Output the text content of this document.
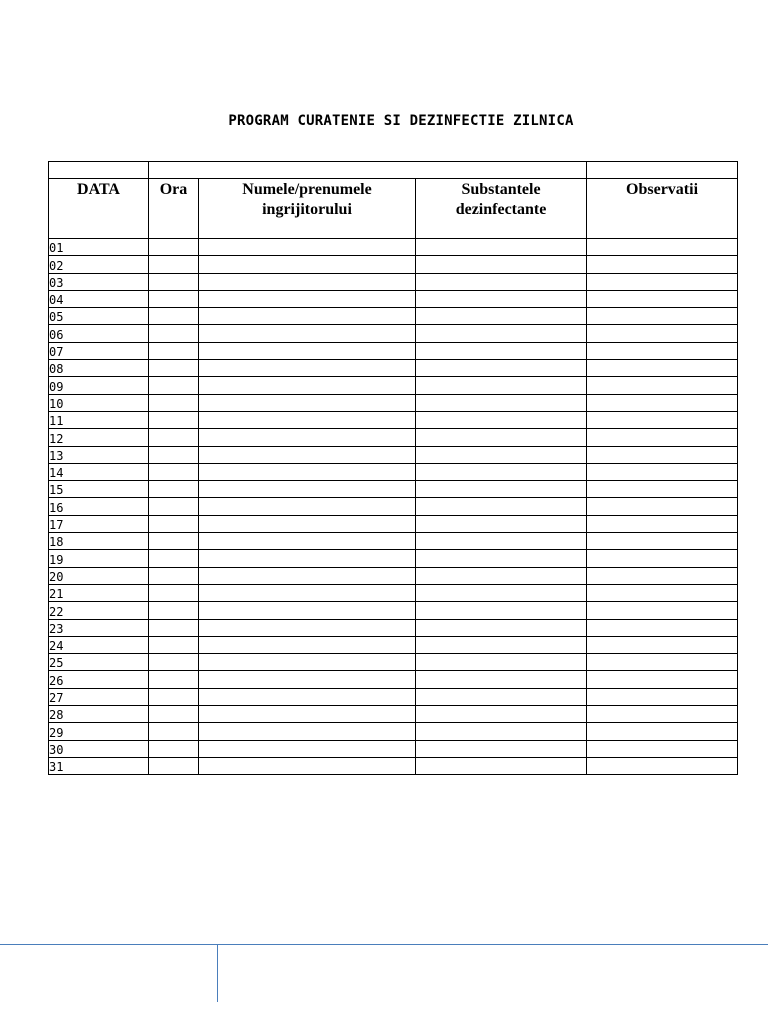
PROGRAM CURATENIE SI DEZINFECTIE ZILNICA

DATA	Ora	Numele/prenumele ingrijitorului	Substantele dezinfectante	Observatii
01				
02				
03				
04				
05				
06				
07				
08				
09				
10				
11				
12				
13				
14				
15				
16				
17				
18				
19				
20				
21				
22				
23				
24				
25				
26				
27				
28				
29				
30				
31				
